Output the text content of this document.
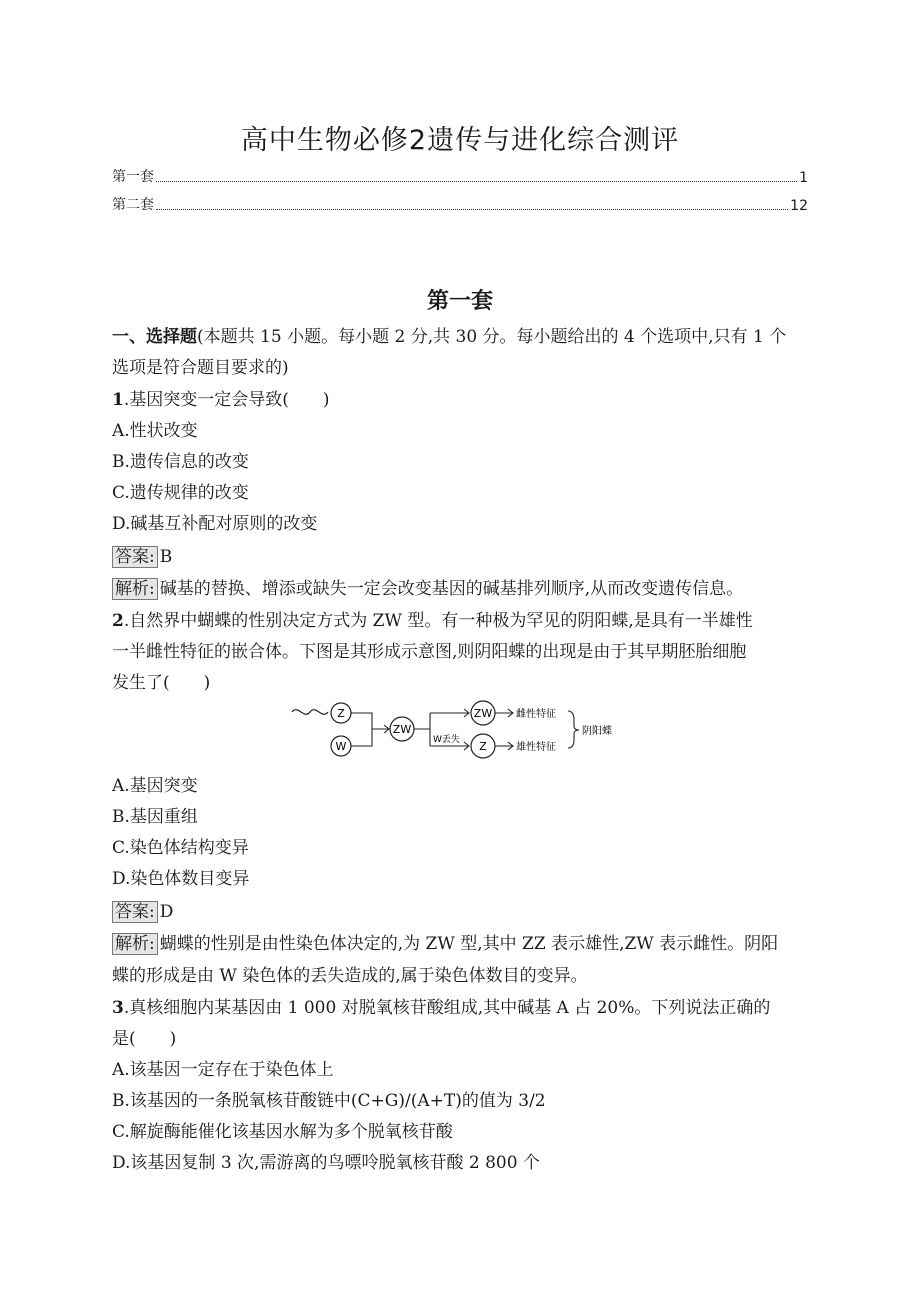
高中生物必修2遗传与进化综合测评
第一套	1
第二套	12
第一套
一、选择题(本题共 15 小题。每小题 2 分,共 30 分。每小题给出的 4 个选项中,只有 1 个
选项是符合题目要求的)
1.基因突变一定会导致(　　)
A.性状改变
B.遗传信息的改变
C.遗传规律的改变
D.碱基互补配对原则的改变
答案: B
解析: 碱基的替换、增添或缺失一定会改变基因的碱基排列顺序,从而改变遗传信息。
2.自然界中蝴蝶的性别决定方式为 ZW 型。有一种极为罕见的阴阳蝶,是具有一半雄性
一半雌性特征的嵌合体。下图是其形成示意图,则阴阳蝶的出现是由于其早期胚胎细胞
发生了(　　)
Z
W
ZW
W丢失
ZW
Z
雌性特征
雄性特征
阴阳蝶
A.基因突变
B.基因重组
C.染色体结构变异
D.染色体数目变异
答案: D
解析: 蝴蝶的性别是由性染色体决定的,为 ZW 型,其中 ZZ 表示雄性,ZW 表示雌性。阴阳
蝶的形成是由 W 染色体的丢失造成的,属于染色体数目的变异。
3.真核细胞内某基因由 1 000 对脱氧核苷酸组成,其中碱基 A 占 20%。下列说法正确的
是(　　)
A.该基因一定存在于染色体上
B.该基因的一条脱氧核苷酸链中(C+G)/(A+T)的值为 3/2
C.解旋酶能催化该基因水解为多个脱氧核苷酸
D.该基因复制 3 次,需游离的鸟嘌呤脱氧核苷酸 2 800 个
